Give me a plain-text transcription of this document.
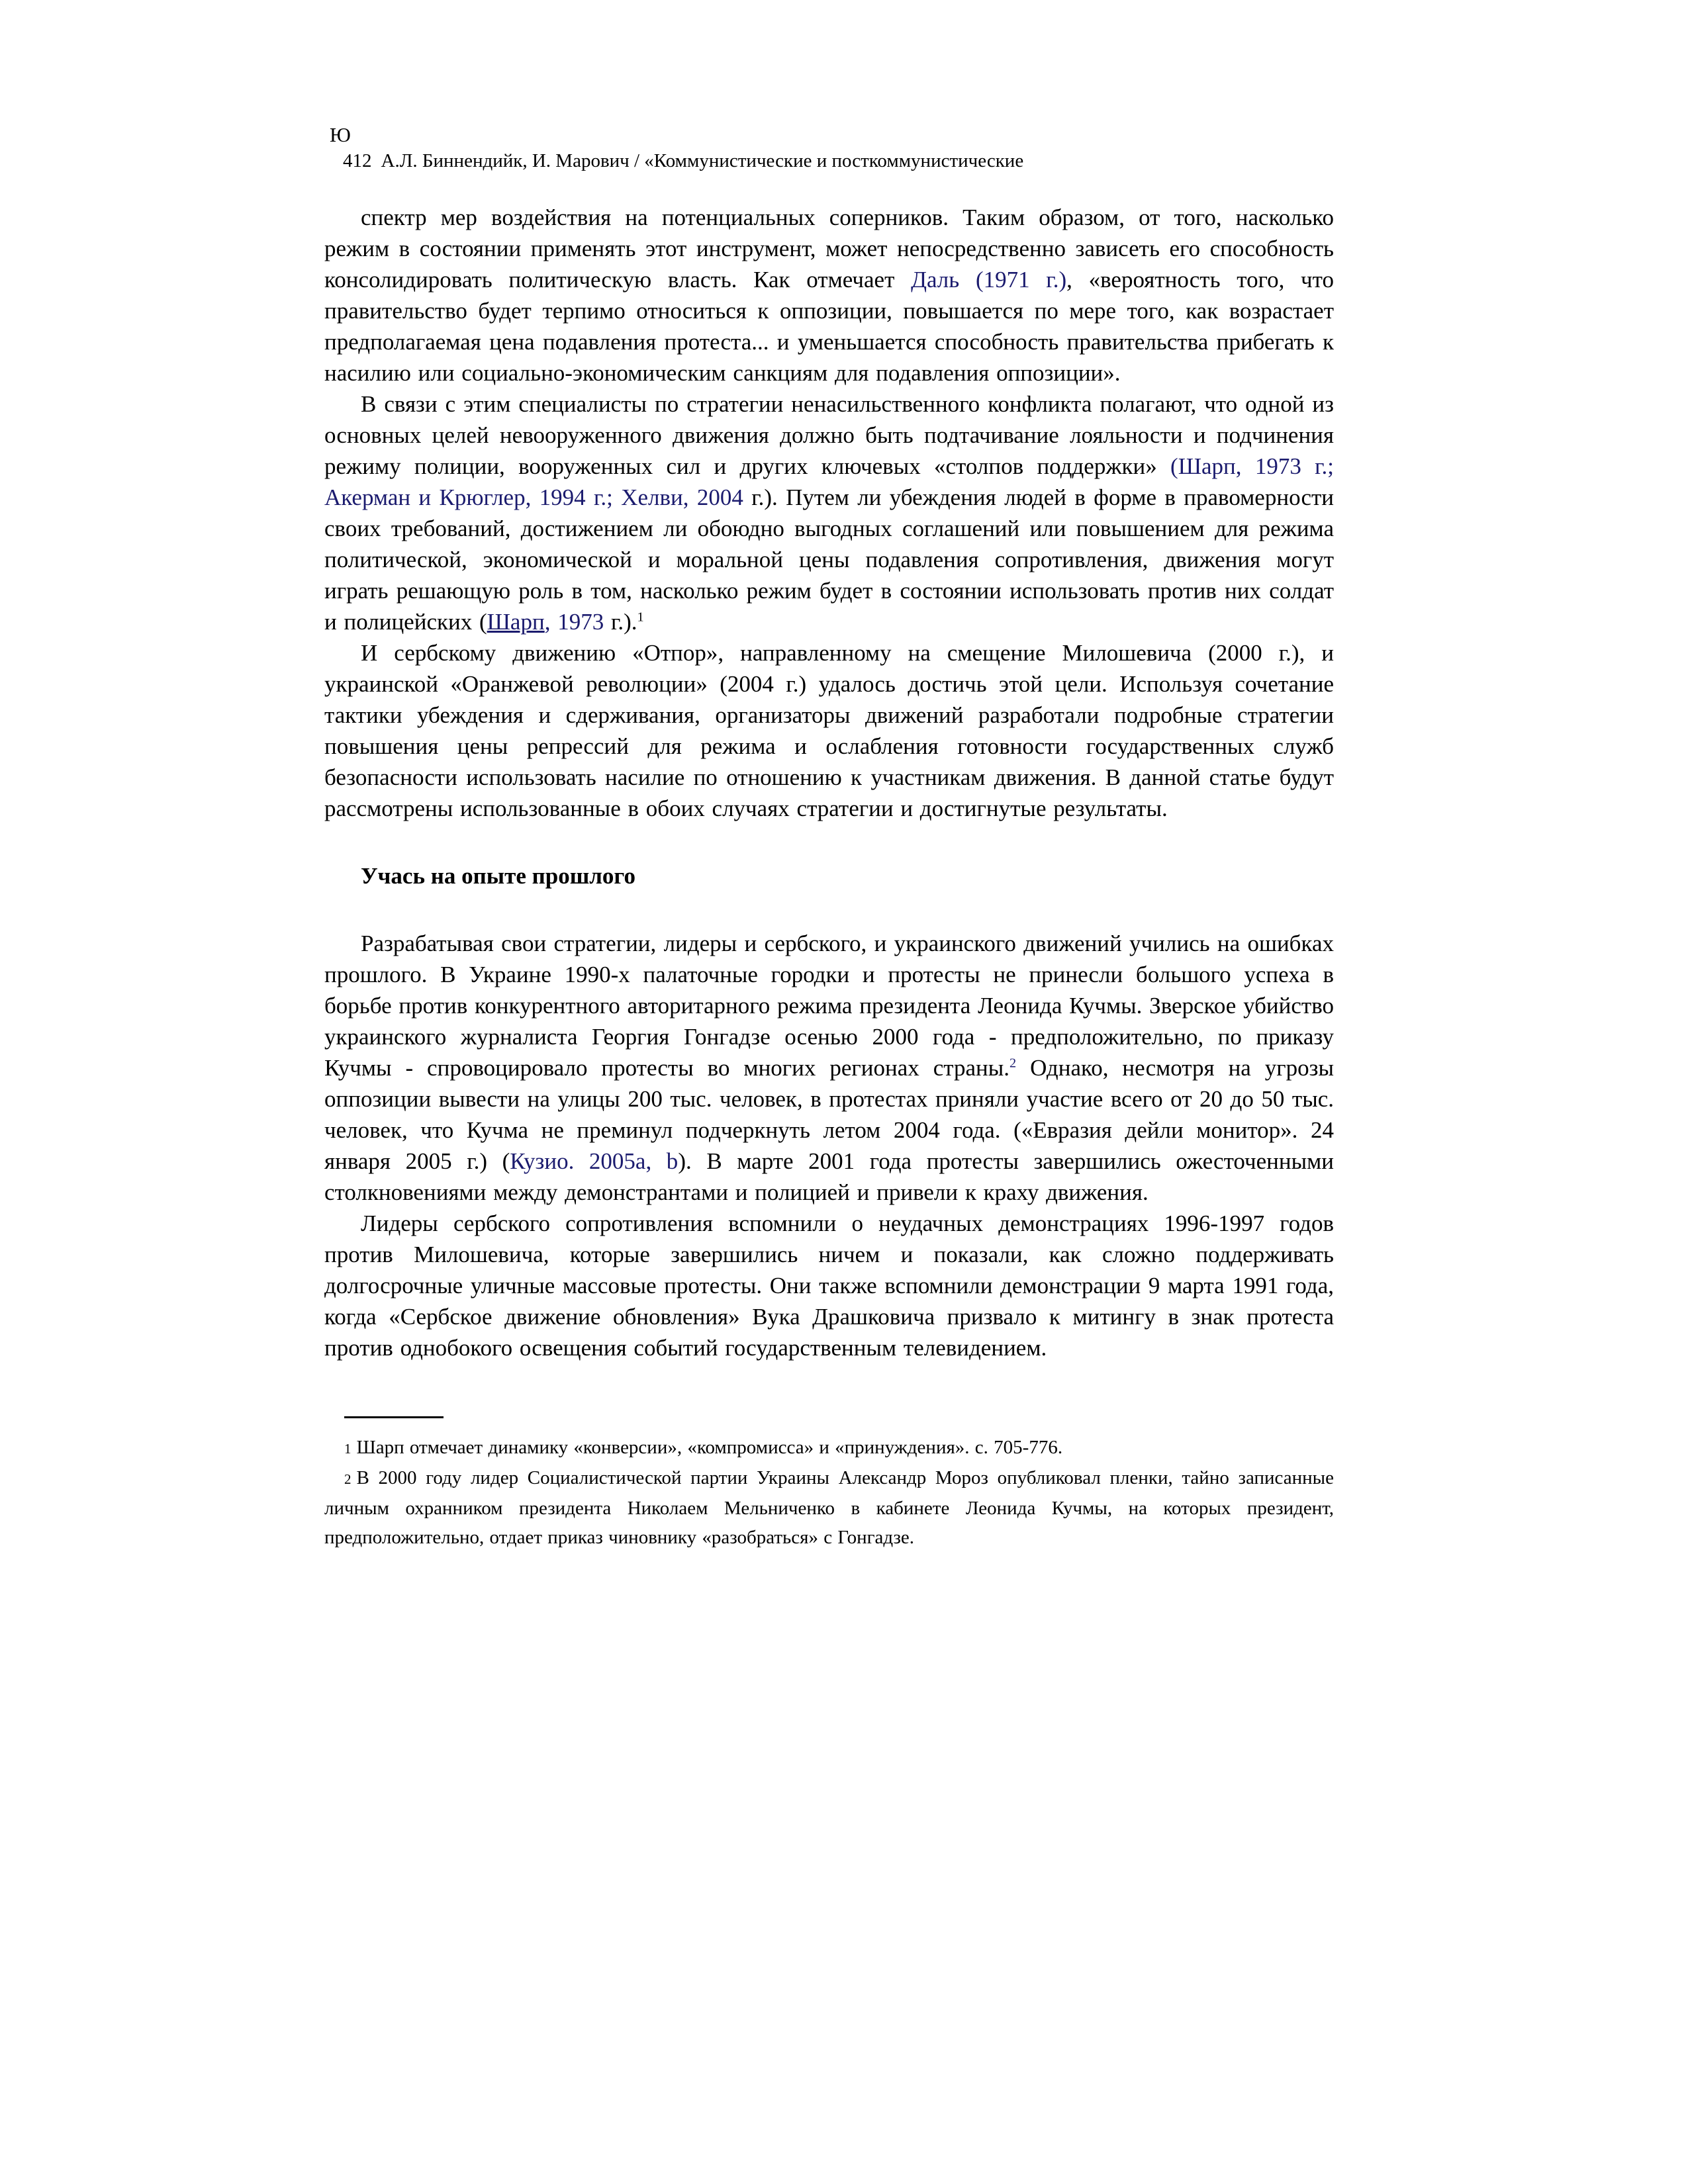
Ю
412 А.Л. Биннендийк, И. Марович / «Коммунистические и посткоммунистические

спектр мер воздействия на потенциальных соперников. Таким образом, от того, насколько режим в состоянии применять этот инструмент, может непосредственно зависеть его способность консолидировать политическую власть. Как отмечает Даль (1971 г.), «вероятность того, что правительство будет терпимо относиться к оппозиции, повышается по мере того, как возрастает предполагаемая цена подавления протеста... и уменьшается способность правительства прибегать к насилию или социально-экономическим санкциям для подавления оппозиции».

В связи с этим специалисты по стратегии ненасильственного конфликта полагают, что одной из основных целей невооруженного движения должно быть подтачивание лояльности и подчинения режиму полиции, вооруженных сил и других ключевых «столпов поддержки» (Шарп, 1973 г.; Акерман и Крюглер, 1994 г.; Хелви, 2004 г.). Путем ли убеждения людей в форме в правомерности своих требований, достижением ли обоюдно выгодных соглашений или повышением для режима политической, экономической и моральной цены подавления сопротивления, движения могут играть решающую роль в том, насколько режим будет в состоянии использовать против них солдат и полицейских (Шарп, 1973 г.).$^1$

И сербскому движению «Отпор», направленному на смещение Милошевича (2000 г.), и украинской «Оранжевой революции» (2004 г.) удалось достичь этой цели. Используя сочетание тактики убеждения и сдерживания, организаторы движений разработали подробные стратегии повышения цены репрессий для режима и ослабления готовности государственных служб безопасности использовать насилие по отношению к участникам движения. В данной статье будут рассмотрены использованные в обоих случаях стратегии и достигнутые результаты.

Учась на опыте прошлого

Разрабатывая свои стратегии, лидеры и сербского, и украинского движений учились на ошибках прошлого. В Украине 1990-х палаточные городки и протесты не принесли большого успеха в борьбе против конкурентного авторитарного режима президента Леонида Кучмы. Зверское убийство украинского журналиста Георгия Гонгадзе осенью 2000 года - предположительно, по приказу Кучмы - спровоцировало протесты во многих регионах страны.$^2$ Однако, несмотря на угрозы оппозиции вывести на улицы 200 тыс. человек, в протестах приняли участие всего от 20 до 50 тыс. человек, что Кучма не преминул подчеркнуть летом 2004 года. («Евразия дейли монитор». 24 января 2005 г.) (Кузио. 2005а, b). В марте 2001 года протесты завершились ожесточенными столкновениями между демонстрантами и полицией и привели к краху движения.

Лидеры сербского сопротивления вспомнили о неудачных демонстрациях 1996-1997 годов против Милошевича, которые завершились ничем и показали, как сложно поддерживать долгосрочные уличные массовые протесты. Они также вспомнили демонстрации 9 марта 1991 года, когда «Сербское движение обновления» Вука Драшковича призвало к митингу в знак протеста против однобокого освещения событий государственным телевидением.

1 Шарп отмечает динамику «конверсии», «компромисса» и «принуждения». с. 705-776.

2 В 2000 году лидер Социалистической партии Украины Александр Мороз опубликовал пленки, тайно записанные личным охранником президента Николаем Мельниченко в кабинете Леонида Кучмы, на которых президент, предположительно, отдает приказ чиновнику «разобраться» с Гонгадзе.
